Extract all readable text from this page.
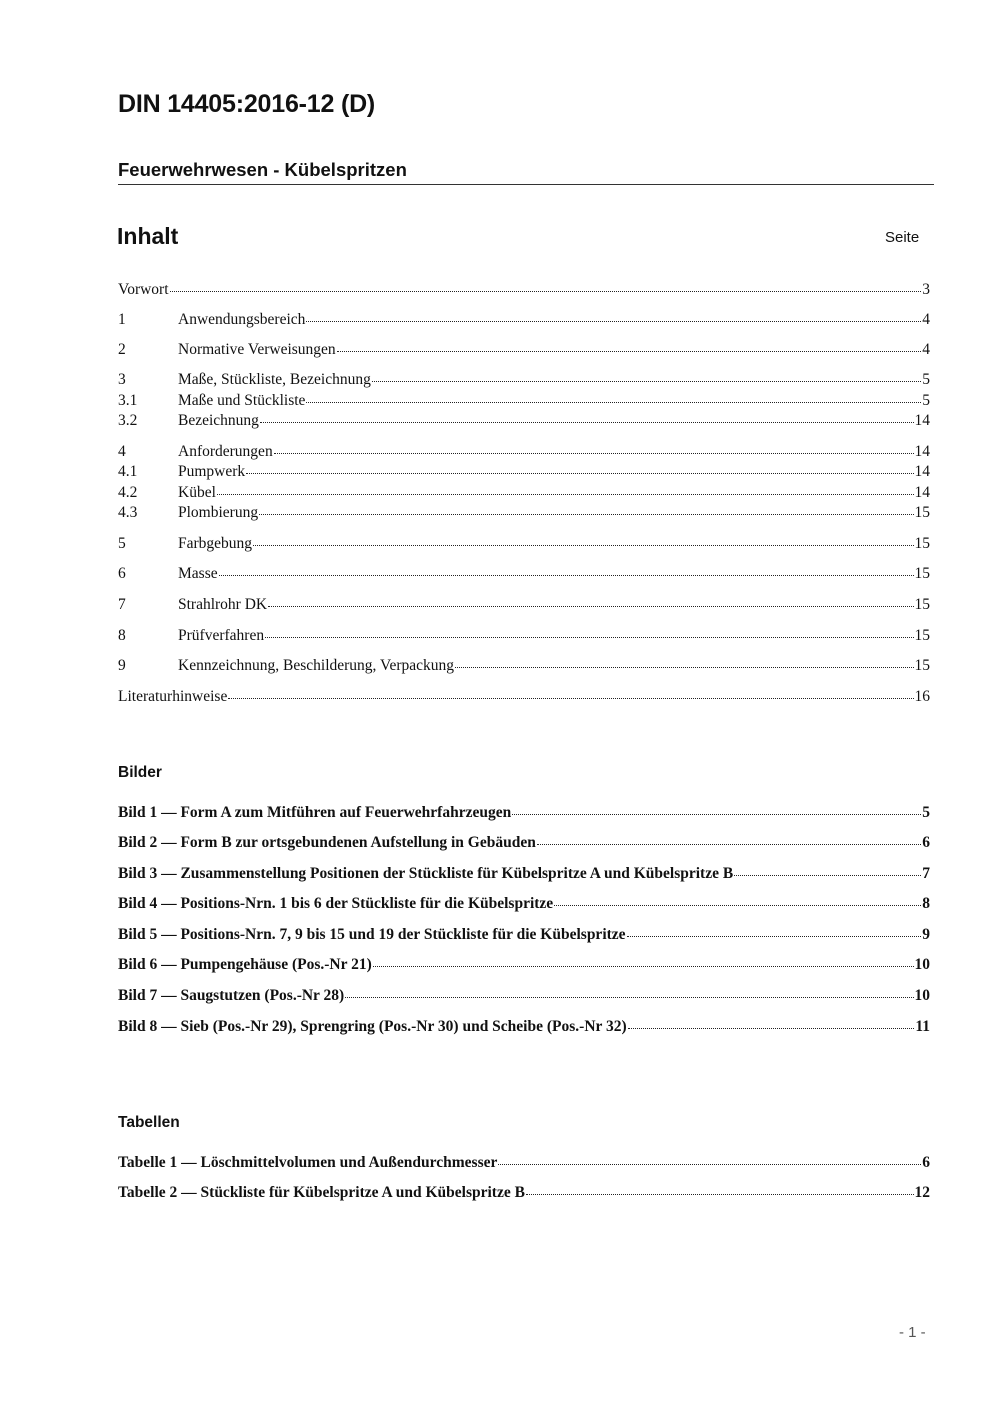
DIN 14405:2016-12 (D)
Feuerwehrwesen - Kübelspritzen
Inhalt	Seite
Vorwort	3
1	Anwendungsbereich	4
2	Normative Verweisungen	4
3	Maße, Stückliste, Bezeichnung	5
3.1	Maße und Stückliste	5
3.2	Bezeichnung	14
4	Anforderungen	14
4.1	Pumpwerk	14
4.2	Kübel	14
4.3	Plombierung	15
5	Farbgebung	15
6	Masse	15
7	Strahlrohr DK	15
8	Prüfverfahren	15
9	Kennzeichnung, Beschilderung, Verpackung	15
Literaturhinweise	16
Bilder
Bild 1 — Form A zum Mitführen auf Feuerwehrfahrzeugen	5
Bild 2 — Form B zur ortsgebundenen Aufstellung in Gebäuden	6
Bild 3 — Zusammenstellung Positionen der Stückliste für Kübelspritze A und Kübelspritze B	7
Bild 4 — Positions-Nrn. 1 bis 6 der Stückliste für die Kübelspritze	8
Bild 5 — Positions-Nrn. 7, 9 bis 15 und 19 der Stückliste für die Kübelspritze	9
Bild 6 — Pumpengehäuse (Pos.-Nr 21)	10
Bild 7 — Saugstutzen (Pos.-Nr 28)	10
Bild 8 — Sieb (Pos.-Nr 29), Sprengring (Pos.-Nr 30) und Scheibe (Pos.-Nr 32)	11
Tabellen
Tabelle 1 — Löschmittelvolumen und Außendurchmesser	6
Tabelle 2 — Stückliste für Kübelspritze A und Kübelspritze B	12
- 1 -
